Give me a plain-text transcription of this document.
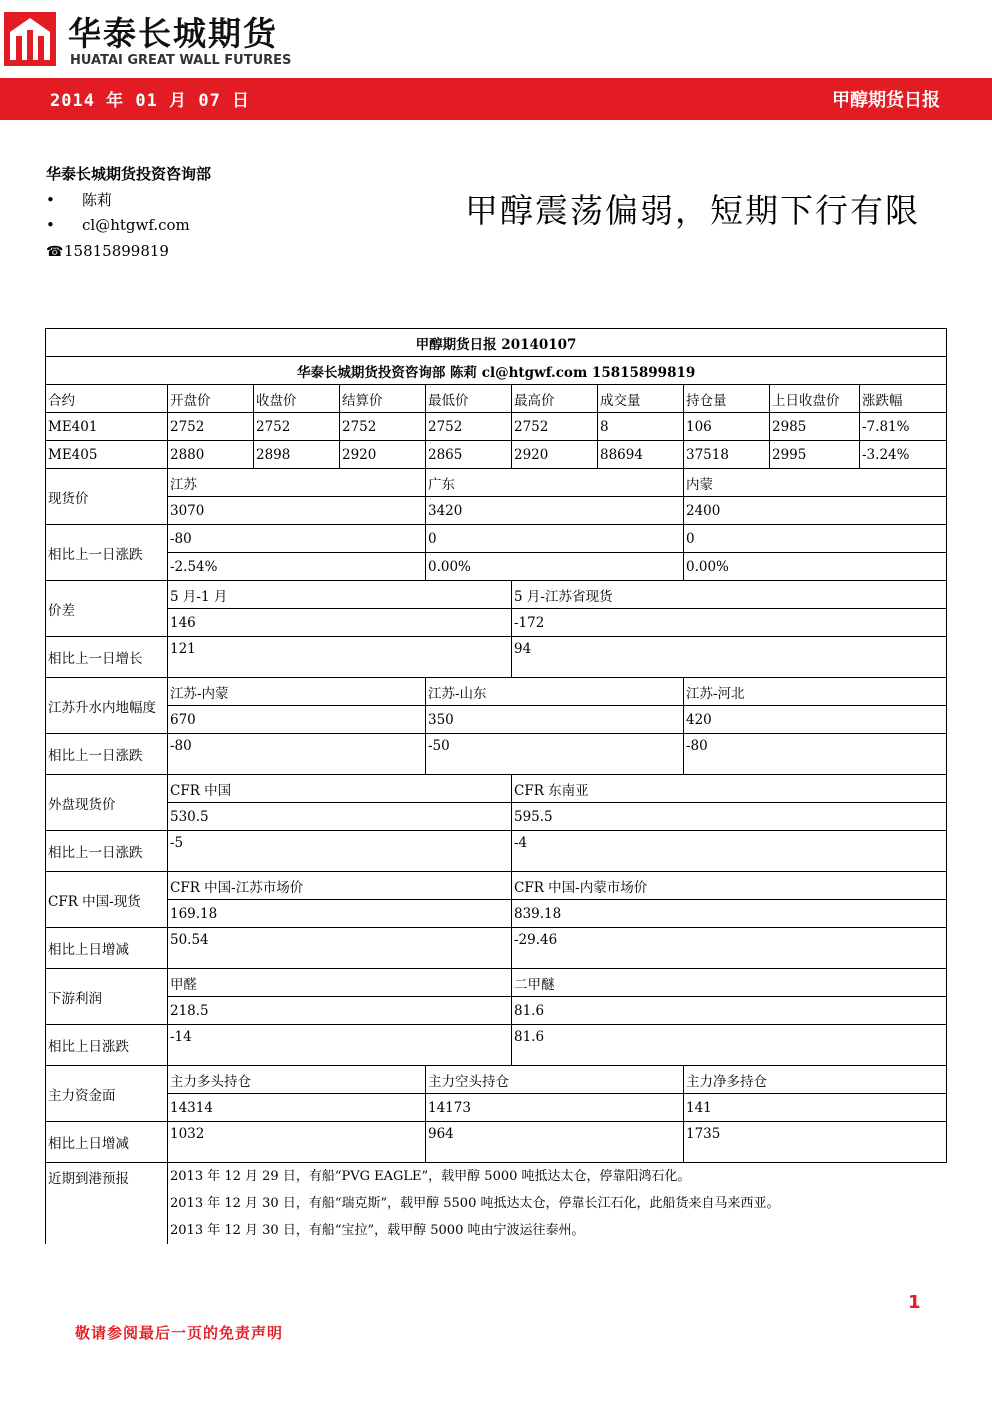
华泰长城期货
HUATAI GREAT WALL FUTURES
2014 年 01 月 07 日	甲醇期货日报
华泰长城期货投资咨询部
• 陈莉
• cl@htgwf.com
☎15815899819
甲醇震荡偏弱，短期下行有限
甲醇期货日报 20140107									
华泰长城期货投资咨询部 陈莉 cl@htgwf.com 15815899819									
合约	开盘价	收盘价	结算价	最低价	最高价	成交量	持仓量	上日收盘价	涨跌幅
ME401	2752	2752	2752	2752	2752	8	106	2985	-7.81%
ME405	2880	2898	2920	2865	2920	88694	37518	2995	-3.24%
现货价	江苏			广东			内蒙		
	3070			3420			2400		
相比上一日涨跌	-80			0			0		
	-2.54%			0.00%			0.00%		
价差	5 月-1 月				5 月-江苏省现货				
	146				-172				
相比上一日增长	121				94				
江苏升水内地幅度	江苏-内蒙			江苏-山东			江苏-河北		
	670			350			420		
相比上一日涨跌	-80			-50			-80		
外盘现货价	CFR 中国				CFR 东南亚				
	530.5				595.5				
相比上一日涨跌	-5				-4				
CFR 中国-现货	CFR 中国-江苏市场价				CFR 中国-内蒙市场价				
	169.18				839.18				
相比上日增减	50.54				-29.46				
下游利润	甲醛				二甲醚				
	218.5				81.6				
相比上日涨跌	-14				81.6				
主力资金面	主力多头持仓			主力空头持仓			主力净多持仓		
	14314			14173			141		
相比上日增减	1032			964			1735		
近期到港预报	2013 年 12 月 29 日，有船“PVG EAGLE”，载甲醇 5000 吨抵达太仓，停靠阳鸿石化。
2013 年 12 月 30 日，有船“瑞克斯”，载甲醇 5500 吨抵达太仓，停靠长江石化，此船货来自马来西亚。
2013 年 12 月 30 日，有船“宝拉”，载甲醇 5000 吨由宁波运往泰州。								
1
敬请参阅最后一页的免责声明
